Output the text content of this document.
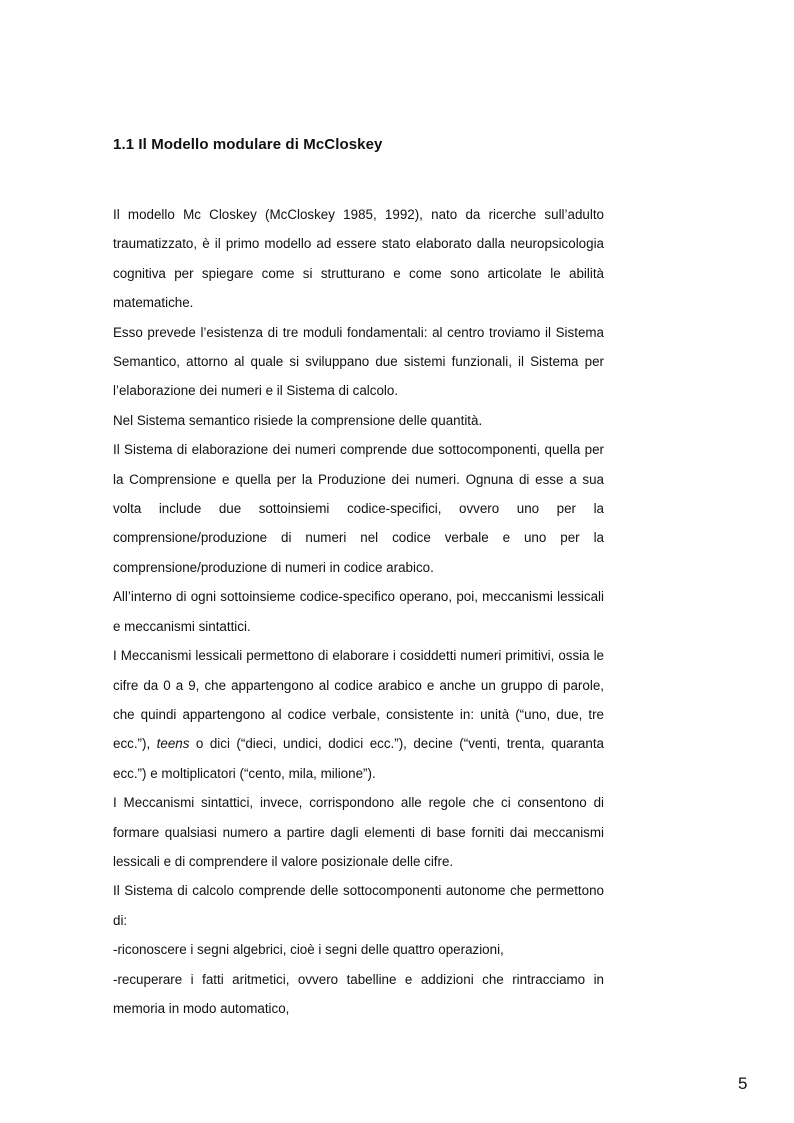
1.1 Il Modello modulare di McCloskey

Il modello Mc Closkey (McCloskey 1985, 1992), nato da ricerche sull’adulto traumatizzato, è il primo modello ad essere stato elaborato dalla neuropsicologia cognitiva per spiegare come si strutturano e come sono articolate le abilità matematiche.

Esso prevede l’esistenza di tre moduli fondamentali: al centro troviamo il Sistema Semantico, attorno al quale si sviluppano due sistemi funzionali, il Sistema per l’elaborazione dei numeri e il Sistema di calcolo.

Nel Sistema semantico risiede la comprensione delle quantità.

Il Sistema di elaborazione dei numeri comprende due sottocomponenti, quella per la Comprensione e quella per la Produzione dei numeri. Ognuna di esse a sua volta include due sottoinsiemi codice-specifici, ovvero uno per la comprensione/produzione di numeri nel codice verbale e uno per la comprensione/produzione di numeri in codice arabico.

All’interno di ogni sottoinsieme codice-specifico operano, poi, meccanismi lessicali e meccanismi sintattici.

I Meccanismi lessicali permettono di elaborare i cosiddetti numeri primitivi, ossia le cifre da 0 a 9, che appartengono al codice arabico e anche un gruppo di parole, che quindi appartengono al codice verbale, consistente in: unità (“uno, due, tre ecc.”), teens o dici (“dieci, undici, dodici ecc.”), decine (“venti, trenta, quaranta ecc.”) e moltiplicatori (“cento, mila, milione”).

I Meccanismi sintattici, invece, corrispondono alle regole che ci consentono di formare qualsiasi numero a partire dagli elementi di base forniti dai meccanismi lessicali e di comprendere il valore posizionale delle cifre.

Il Sistema di calcolo comprende delle sottocomponenti autonome che permettono di:

-riconoscere i segni algebrici, cioè i segni delle quattro operazioni,

-recuperare i fatti aritmetici, ovvero tabelline e addizioni che rintracciamo in memoria in modo automatico,

5
